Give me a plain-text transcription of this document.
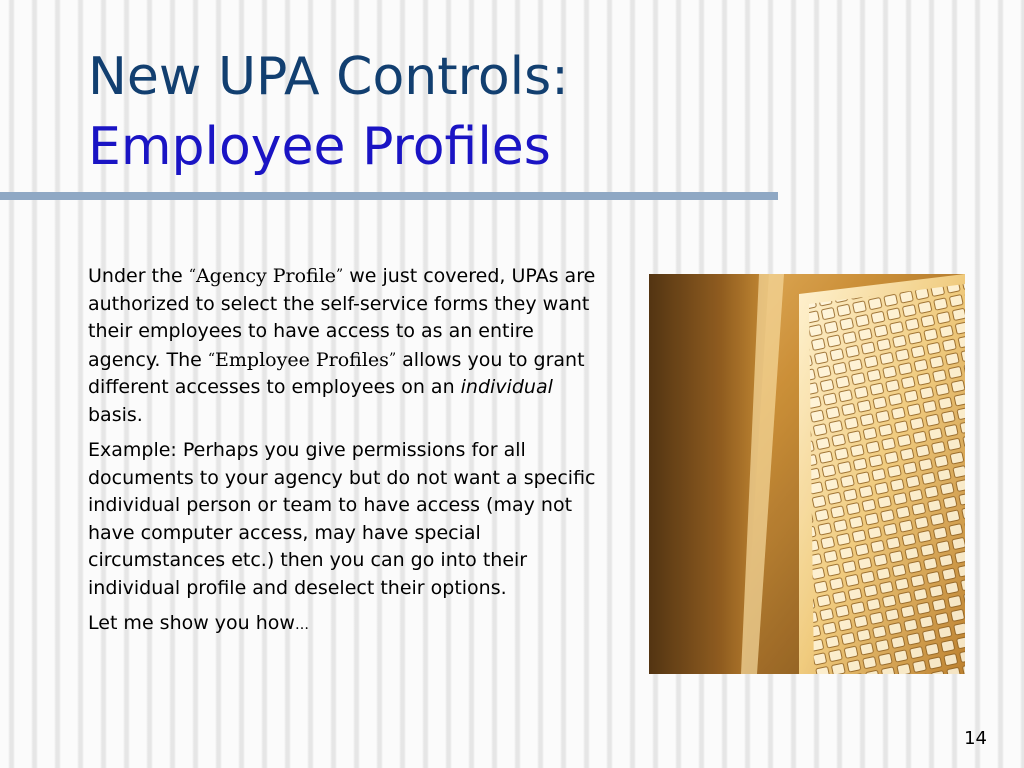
New UPA Controls:
Employee Profiles

Under the “Agency Profile” we just covered, UPAs are authorized to select the self-service forms they want their employees to have access to as an entire agency. The “Employee Profiles” allows you to grant different accesses to employees on an individual basis.

Example: Perhaps you give permissions for all documents to your agency but do not want a specific individual person or team to have access (may not have computer access, may have special circumstances etc.) then you can go into their individual profile and deselect their options.

Let me show you how…

14
